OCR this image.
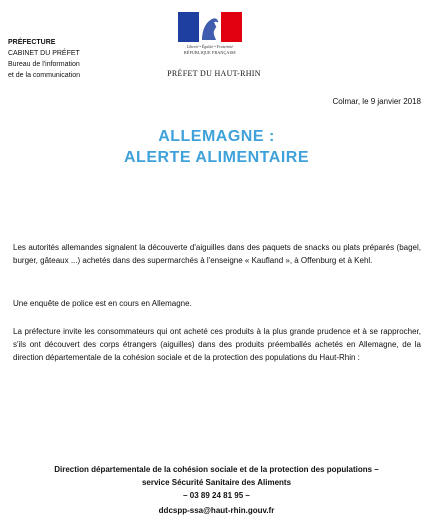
Liberté • Égalité • Fraternité
RÉPUBLIQUE FRANÇAISE
PRÉFECTURE
CABINET DU PRÉFET
Bureau de l'information
et de la communication	PRÉFET DU HAUT-RHIN
Colmar, le 9 janvier 2018
ALLEMAGNE :
ALERTE ALIMENTAIRE
Les autorités allemandes signalent la découverte d'aiguilles dans des paquets de snacks ou plats préparés (bagel, burger, gâteaux ...) achetés dans des supermarchés à l'enseigne « Kaufland », à Offenburg et à Kehl.
Une enquête de police est en cours en Allemagne.
La préfecture invite les consommateurs qui ont acheté ces produits à la plus grande prudence et à se rapprocher, s'ils ont découvert des corps étrangers (aiguilles) dans des produits préemballés achetés en Allemagne, de la direction départementale de la cohésion sociale et de la protection des populations du Haut-Rhin :
Direction départementale de la cohésion sociale et de la protection des populations –
service Sécurité Sanitaire des Aliments
– 03 89 24 81 95 –
ddcspp-ssa@haut-rhin.gouv.fr
